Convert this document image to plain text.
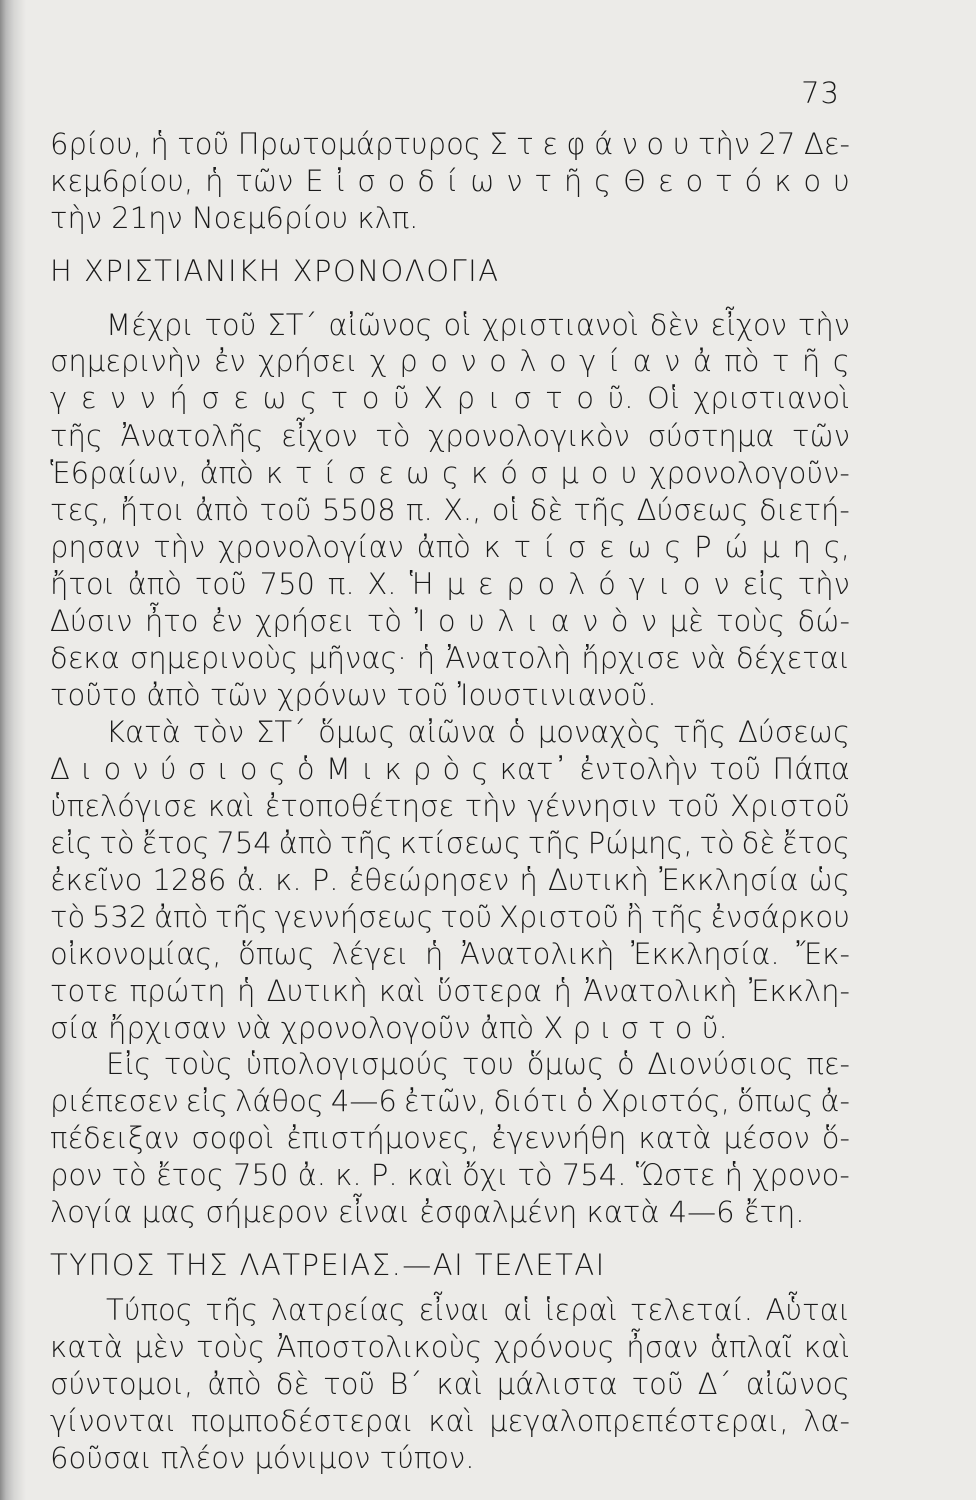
73
6ρίου, ἡ τοῦ Πρωτομάρτυρος Σ τ ε φ ά ν ο υ τὴν 27 Δε-
κεμ6ρίου, ἡ τῶν Ε ἰ σ ο δ ί ω ν τ ῆ ς Θ ε ο τ ό κ ο υ
τὴν 21ην Νοεμ6ρίου κλπ.
Η ΧΡΙΣΤΙΑΝΙΚΗ ΧΡΟΝΟΛΟΓΙΑ
Μέχρι τοῦ ΣΤ΄ αἰῶνος οἱ χριστιανοὶ δὲν εἶχον τὴν
σημερινὴν ἐν χρήσει χ ρ ο ν ο λ ο γ ί α ν ἀ πὸ τ ῆ ς
γ ε ν ν ή σ ε ω ς τ ο ῦ Χ ρ ι σ τ ο ῦ. Οἱ χριστιανοὶ
τῆς Ἀνατολῆς εἶχον τὸ χρονολογικὸν σύστημα τῶν
Ἑ6ραίων, ἀπὸ κ τ ί σ ε ω ς κ ό σ μ ο υ χρονολογοῦν-
τες, ἤτοι ἀπὸ τοῦ 5508 π. Χ., οἱ δὲ τῆς Δύσεως διετή-
ρησαν τὴν χρονολογίαν ἀπὸ κ τ ί σ ε ω ς Ρ ώ μ η ς,
ἤτοι ἀπὸ τοῦ 750 π. Χ. Ἡ μ ε ρ ο λ ό γ ι ο ν εἰς τὴν
Δύσιν ἦτο ἐν χρήσει τὸ Ἰ ο υ λ ι α ν ὸ ν μὲ τοὺς δώ-
δεκα σημερινοὺς μῆνας· ἡ Ἀνατολὴ ἤρχισε νὰ δέχεται
τοῦτο ἀπὸ τῶν χρόνων τοῦ Ἰουστινιανοῦ.
Κατὰ τὸν ΣΤ΄ ὅμως αἰῶνα ὁ μοναχὸς τῆς Δύσεως
Δ ι ο ν ύ σ ι ο ς ὁ Μ ι κ ρ ὸ ς κατ᾽ ἐντολὴν τοῦ Πάπα
ὑπελόγισε καὶ ἐτοποθέτησε τὴν γέννησιν τοῦ Χριστοῦ
εἰς τὸ ἔτος 754 ἀπὸ τῆς κτίσεως τῆς Ρώμης, τὸ δὲ ἔτος
ἐκεῖνο 1286 ἀ. κ. Ρ. ἐθεώρησεν ἡ Δυτικὴ Ἐκκλησία ὡς
τὸ 532 ἀπὸ τῆς γεννήσεως τοῦ Χριστοῦ ἢ τῆς ἐνσάρκου
οἰκονομίας, ὅπως λέγει ἡ Ἀνατολικὴ Ἐκκλησία. Ἔκ-
τοτε πρώτη ἡ Δυτικὴ καὶ ὕστερα ἡ Ἀνατολικὴ Ἐκκλη-
σία ἤρχισαν νὰ χρονολογοῦν ἀπὸ Χ ρ ι σ τ ο ῦ.
Εἰς τοὺς ὑπολογισμούς του ὅμως ὁ Διονύσιος πε-
ριέπεσεν εἰς λάθος 4—6 ἐτῶν, διότι ὁ Χριστός, ὅπως ἀ-
πέδειξαν σοφοὶ ἐπιστήμονες, ἐγεννήθη κατὰ μέσον ὅ-
ρον τὸ ἔτος 750 ἀ. κ. Ρ. καὶ ὄχι τὸ 754. Ὥστε ἡ χρονο-
λογία μας σήμερον εἶναι ἐσφαλμένη κατὰ 4—6 ἔτη.
ΤΥΠΟΣ ΤΗΣ ΛΑΤΡΕΙΑΣ.—ΑΙ ΤΕΛΕΤΑΙ
Τύπος τῆς λατρείας εἶναι αἱ ἱεραὶ τελεταί. Αὗται
κατὰ μὲν τοὺς Ἀποστολικοὺς χρόνους ἦσαν ἁπλαῖ καὶ
σύντομοι, ἀπὸ δὲ τοῦ Β΄ καὶ μάλιστα τοῦ Δ΄ αἰῶνος
γίνονται πομποδέστεραι καὶ μεγαλοπρεπέστεραι, λα-
6οῦσαι πλέον μόνιμον τύπον.
